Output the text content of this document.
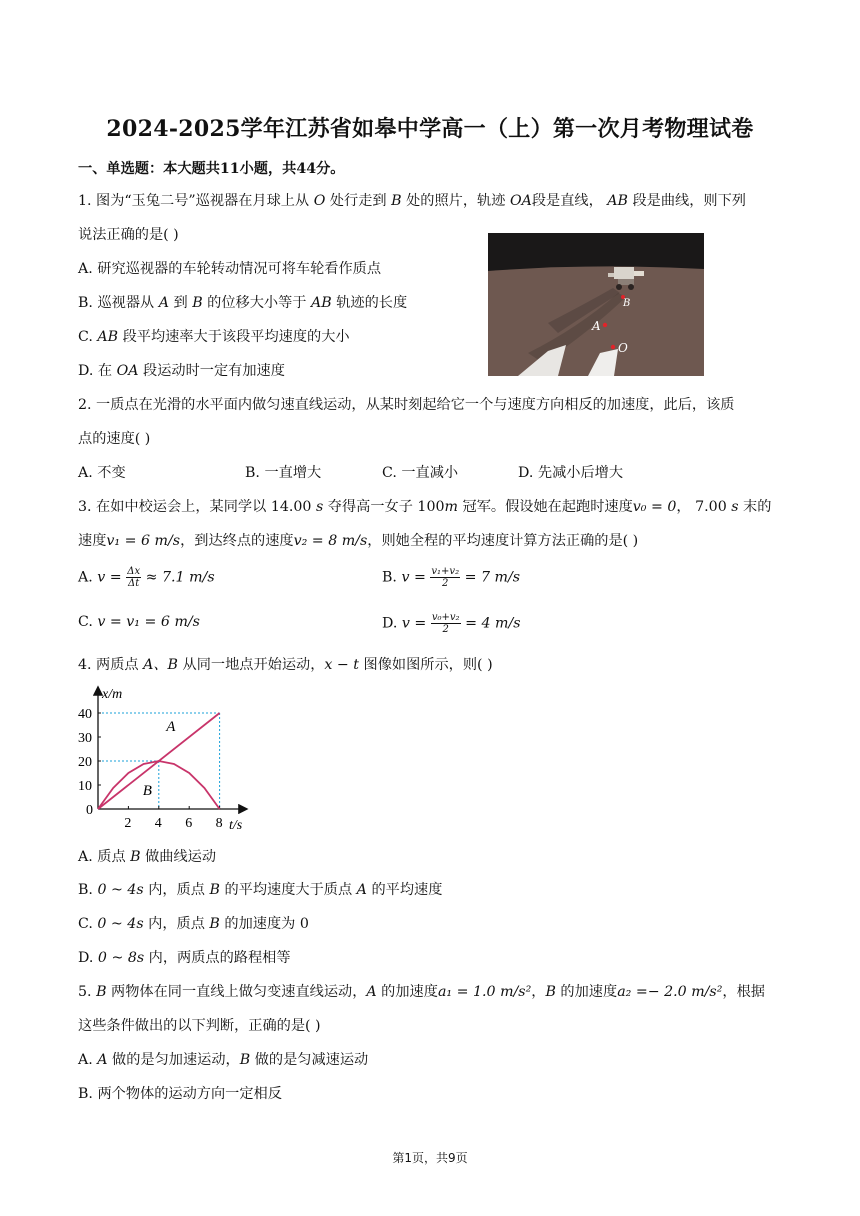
2024-2025学年江苏省如皋中学高一（上）第一次月考物理试卷
一、单选题：本大题共11小题，共44分。
1. 图为“玉兔二号”巡视器在月球上从 O 处行走到 B 处的照片，轨迹 OA段是直线， AB 段是曲线，则下列
说法正确的是( )
A. 研究巡视器的车轮转动情况可将车轮看作质点
B. 巡视器从 A 到 B 的位移大小等于 AB 轨迹的长度
C. AB 段平均速率大于该段平均速度的大小
D. 在 OA 段运动时一定有加速度
A
O
B
2. 一质点在光滑的水平面内做匀速直线运动，从某时刻起给它一个与速度方向相反的加速度，此后，该质
点的速度( )
A. 不变	B. 一直增大	C. 一直减小	D. 先减小后增大
3. 在如中校运会上，某同学以 14.00 s 夺得高一女子 100m 冠军。假设她在起跑时速度v₀ = 0， 7.00 s 末的
速度v₁ = 6 m/s，到达终点的速度v₂ = 8 m/s，则她全程的平均速度计算方法正确的是( )
A. $v = \frac{\Delta x}{\Delta t} \approx 7.1$ m/s	B. $v = \frac{\text{v₁+v₂}}{2} = 7$ m/s
C. v = v₁ = 6 m/s	D. $v = \frac{\text{v₀+v₂}}{2} = 4$ m/s
4. 两质点 A、B 从同一地点开始运动，x − t 图像如图所示，则( )
2 4 6 8
10
20
30
40
A
B
x/m
t/s
0
A. 质点 B 做曲线运动
B. 0 ~ 4s 内，质点 B 的平均速度大于质点 A 的平均速度
C. 0 ~ 4s 内，质点 B 的加速度为 0
D. 0 ~ 8s 内，两质点的路程相等
5. B 两物体在同一直线上做匀变速直线运动，A 的加速度a₁ = 1.0 m/s²，B 的加速度a₂ =− 2.0 m/s²，根据
这些条件做出的以下判断，正确的是( )
A. A 做的是匀加速运动，B 做的是匀减速运动
B. 两个物体的运动方向一定相反
第1页，共9页
